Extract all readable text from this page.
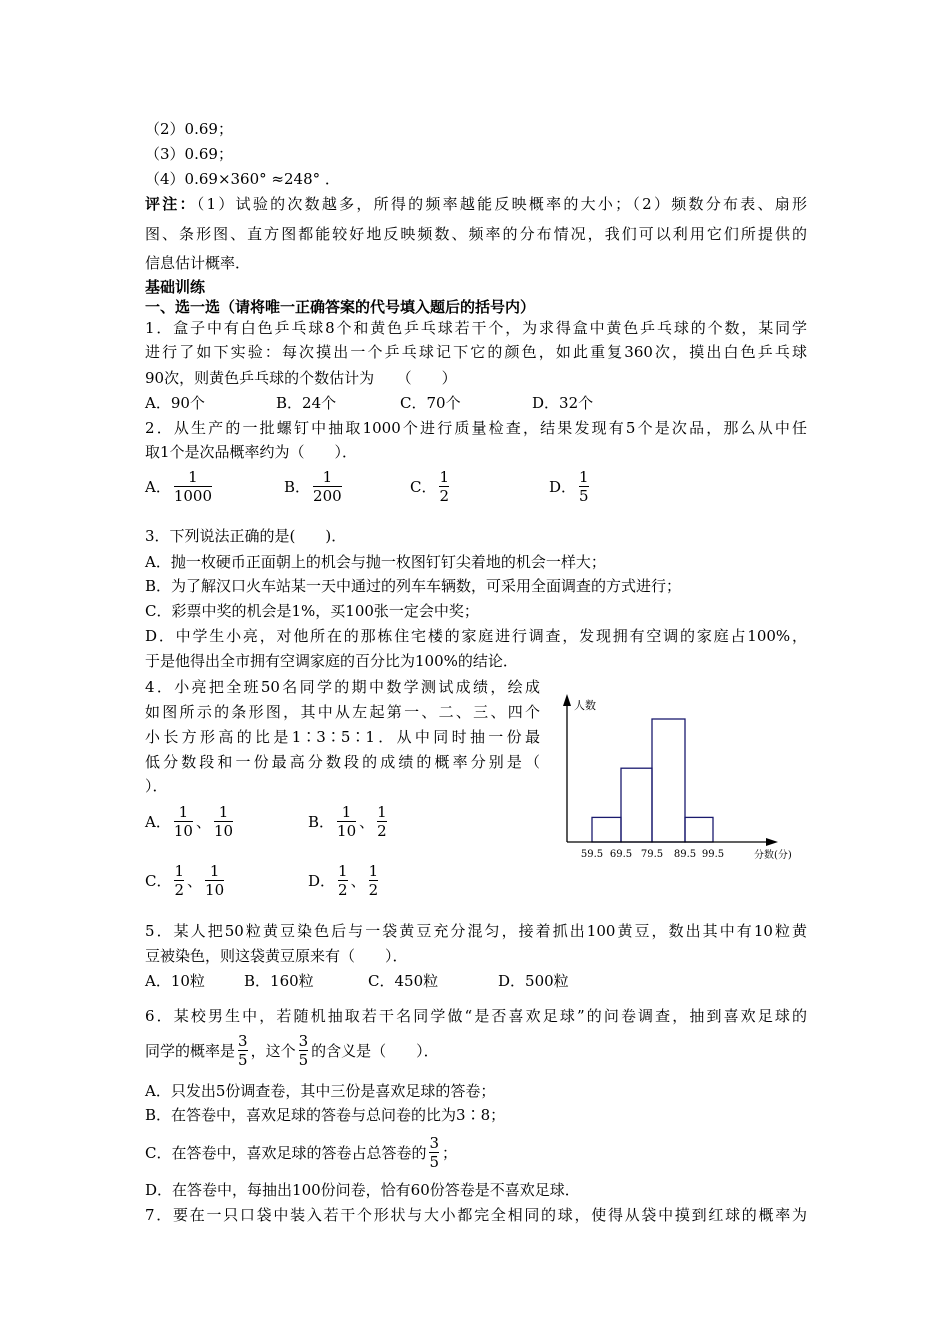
（2）0.69；
（3）0.69；
（4）0.69×360° ≈248° ．
评注：（1）试验的次数越多，所得的频率越能反映概率的大小；（2）频数分布表、扇形
图、条形图、直方图都能较好地反映频数、频率的分布情况，我们可以利用它们所提供的
信息估计概率．
基础训练
一、选一选（请将唯一正确答案的代号填入题后的括号内）
1．盒子中有白色乒乓球8个和黄色乒乓球若干个，为求得盒中黄色乒乓球的个数，某同学
进行了如下实验：每次摸出一个乒乓球记下它的颜色，如此重复360次，摸出白色乒乓球
90次，则黄色乒乓球的个数估计为　　（　　）
A．90个	B．24个	C．70个	D．32个
2．从生产的一批螺钉中抽取1000个进行质量检查，结果发现有5个是次品，那么从中任
取1个是次品概率约为（　　）．
A． $\frac{1}{1000}$	B． $\frac{1}{200}$	C． $\frac{1}{2}$	D． $\frac{1}{5}$
3．下列说法正确的是(　　)．
A．抛一枚硬币正面朝上的机会与抛一枚图钉钉尖着地的机会一样大；
B．为了解汉口火车站某一天中通过的列车车辆数，可采用全面调查的方式进行；
C．彩票中奖的机会是1%，买100张一定会中奖；
D．中学生小亮，对他所在的那栋住宅楼的家庭进行调查，发现拥有空调的家庭占100%，
于是他得出全市拥有空调家庭的百分比为100%的结论．
4．小亮把全班50名同学的期中数学测试成绩，绘成
如图所示的条形图，其中从左起第一、二、三、四个
小长方形高的比是1∶3∶5∶1．从中同时抽一份最
低分数段和一份最高分数段的成绩的概率分别是（
）．
A． $\frac{1}{10}$ 、 $\frac{1}{10}$	B． $\frac{1}{10}$ 、 $\frac{1}{2}$
C． $\frac{1}{2}$ 、 $\frac{1}{10}$	D． $\frac{1}{2}$ 、 $\frac{1}{2}$
人数
分数(分)
59.5 69.5 79.5 89.5 99.5
5．某人把50粒黄豆染色后与一袋黄豆充分混匀，接着抓出100黄豆，数出其中有10粒黄
豆被染色，则这袋黄豆原来有（　　）．
A．10粒	B．160粒	C．450粒	D．500粒
6．某校男生中，若随机抽取若干名同学做“是否喜欢足球”的问卷调查，抽到喜欢足球的
同学的概率是 $\frac{3}{5}$ ，这个 $\frac{3}{5}$ 的含义是（　　）．
A．只发出5份调查卷，其中三份是喜欢足球的答卷；
B．在答卷中，喜欢足球的答卷与总问卷的比为3∶8；
C．在答卷中，喜欢足球的答卷占总答卷的 $\frac{3}{5}$ ；
D．在答卷中，每抽出100份问卷，恰有60份答卷是不喜欢足球．
7．要在一只口袋中装入若干个形状与大小都完全相同的球，使得从袋中摸到红球的概率为
